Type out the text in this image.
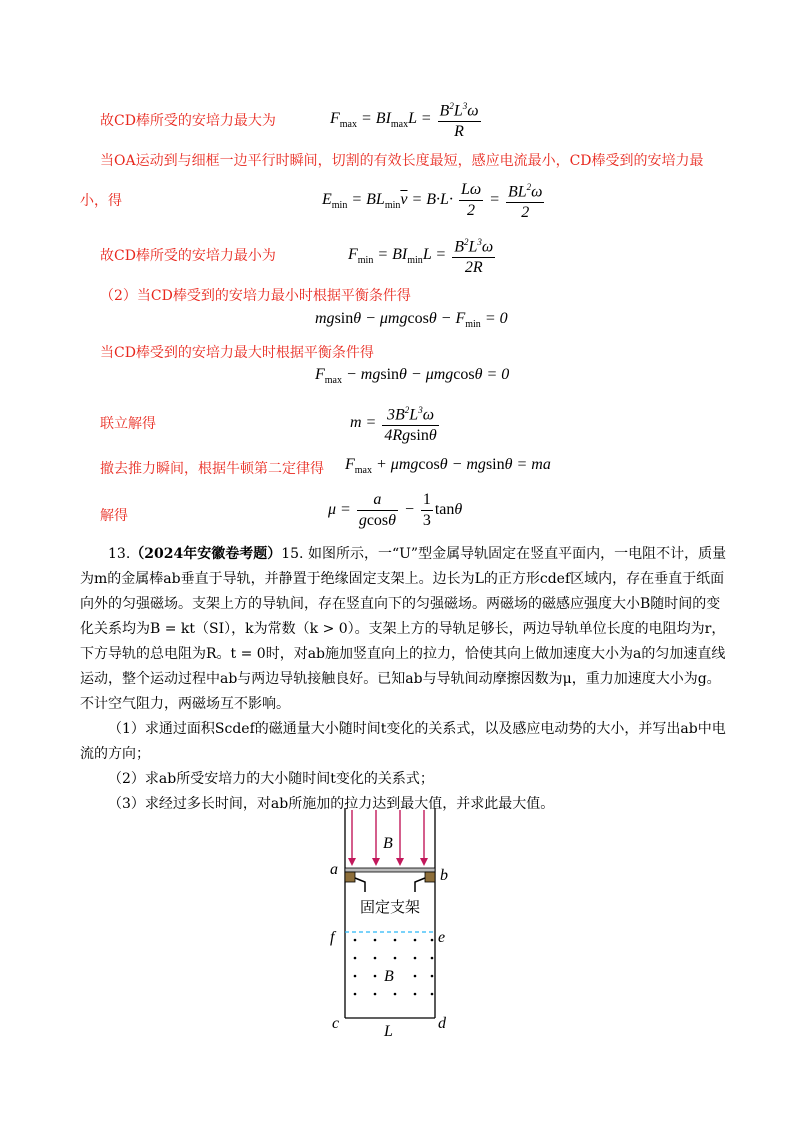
故CD棒所受的安培力最大为	$F_{max} = BI_{max}L = \frac{B^2L^3\omega}{R}$
当OA运动到与细框一边平行时瞬间，切割的有效长度最短，感应电流最小，CD棒受到的安培力最
小，得	$E_{min} = BL_{min}\overline{v} = B\cdot L\cdot \frac{L\omega}{2} = \frac{BL^2\omega}{2}$
故CD棒所受的安培力最小为	$F_{min} = BI_{min}L = \frac{B^2L^3\omega}{2R}$
（2）当CD棒受到的安培力最小时根据平衡条件得
$mgsin\theta - \mu mgcos\theta - F_{min} = 0$
当CD棒受到的安培力最大时根据平衡条件得
$F_{max} - mgsin\theta - \mu mgcos\theta = 0$
联立解得	$m = \frac{3B^2L^3\omega}{4Rgsin\theta}$
撤去推力瞬间，根据牛顿第二定律得 $F_{max} + \mu mgcos\theta - mgsin\theta$ = ma
解得	$\mu = \frac{a}{gcos\theta} - \frac{1}{3}$ tanθ

13.（2024年安徽卷考题）15. 如图所示，一“U”型金属导轨固定在竖直平面内，一电阻不计，质量为m的金属棒ab垂直于导轨，并静置于绝缘固定支架上。边长为L的正方形cdef区域内，存在垂直于纸面向外的匀强磁场。支架上方的导轨间，存在竖直向下的匀强磁场。两磁场的磁感应强度大小B随时间的变化关系均为B = kt（SI），k为常数（k > 0）。支架上方的导轨足够长，两边导轨单位长度的电阻均为r，下方导轨的总电阻为R。t = 0时，对ab施加竖直向上的拉力，恰使其向上做加速度大小为a的匀加速直线运动，整个运动过程中ab与两边导轨接触良好。已知ab与导轨间动摩擦因数为μ，重力加速度大小为g。不计空气阻力，两磁场互不影响。

（1）求通过面积Scdef的磁通量大小随时间t变化的关系式，以及感应电动势的大小，并写出ab中电流的方向；

（2）求ab所受安培力的大小随时间t变化的关系式；

（3）求经过多长时间，对ab所施加的拉力达到最大值，并求此最大值。

B
固定支架
B
a	b
f	e
c	d
L
